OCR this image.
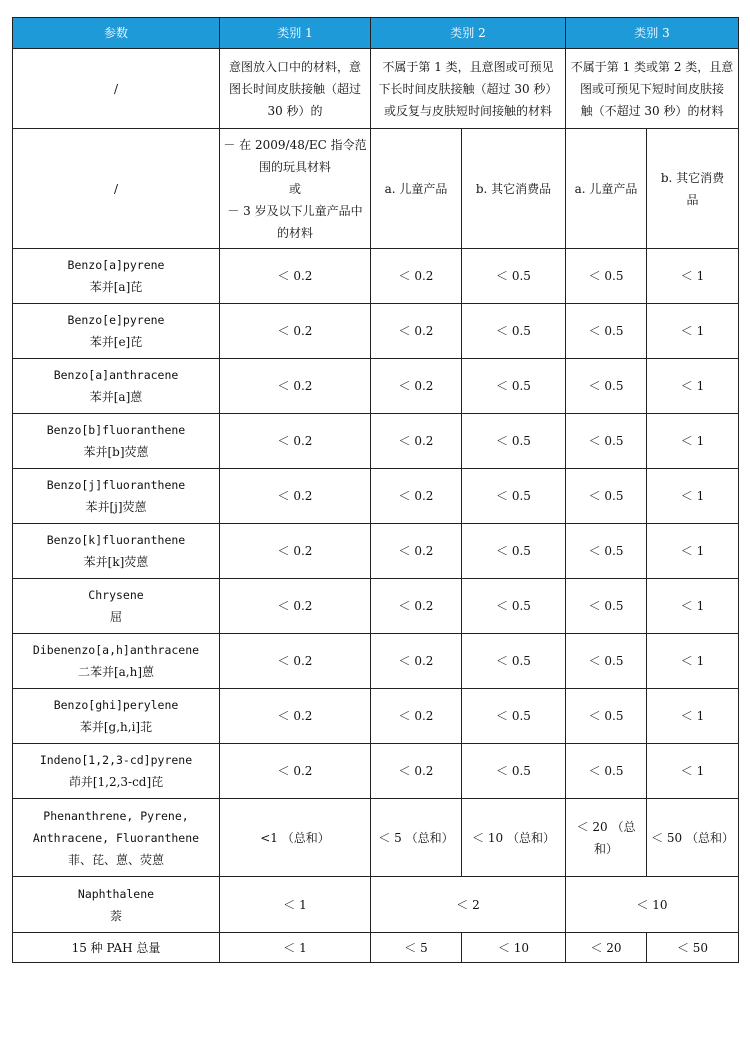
参数	类别 1	类别 2		类别 3	
/	意图放入口中的材料，意
图长时间皮肤接触（超过
30 秒）的	不属于第 1 类，且意图或可预见
下长时间皮肤接触（超过 30 秒）
或反复与皮肤短时间接触的材料		不属于第 1 类或第 2 类，且意
图或可预见下短时间皮肤接
触（不超过 30 秒）的材料	

/	－ 在 2009/48/EC 指令范
围的玩具材料
或
－ 3 岁及以下儿童产品中
的材料	a. 儿童产品	b. 其它消费品	a. 儿童产品	b. 其它消费
品

Benzo[a]pyrene
苯并[a]芘	＜ 0.2	＜ 0.2	＜ 0.5	＜ 0.5	＜ 1

Benzo[e]pyrene
苯并[e]芘	＜ 0.2	＜ 0.2	＜ 0.5	＜ 0.5	＜ 1

Benzo[a]anthracene
苯并[a]蒽	＜ 0.2	＜ 0.2	＜ 0.5	＜ 0.5	＜ 1

Benzo[b]fluoranthene
苯并[b]荧蒽	＜ 0.2	＜ 0.2	＜ 0.5	＜ 0.5	＜ 1

Benzo[j]fluoranthene
苯并[j]荧蒽	＜ 0.2	＜ 0.2	＜ 0.5	＜ 0.5	＜ 1

Benzo[k]fluoranthene
苯并[k]荧蒽	＜ 0.2	＜ 0.2	＜ 0.5	＜ 0.5	＜ 1

Chrysene
屈	＜ 0.2	＜ 0.2	＜ 0.5	＜ 0.5	＜ 1

Dibenenzo[a,h]anthracene
二苯并[a,h]蒽	＜ 0.2	＜ 0.2	＜ 0.5	＜ 0.5	＜ 1

Benzo[ghi]perylene
苯并[g,h,i]苝	＜ 0.2	＜ 0.2	＜ 0.5	＜ 0.5	＜ 1

Indeno[1,2,3-cd]pyrene
茚并[1,2,3-cd]芘	＜ 0.2	＜ 0.2	＜ 0.5	＜ 0.5	＜ 1

Phenanthrene, Pyrene,
Anthracene, Fluoranthene
菲、芘、蒽、荧蒽	<1 （总和）	＜ 5 （总和）	＜ 10 （总和）	＜ 20 （总和）	＜ 50 （总和）

Naphthalene
萘	＜ 1	＜ 2		＜ 10	
15 种 PAH 总量	＜ 1	＜ 5	＜ 10	＜ 20	＜ 50
